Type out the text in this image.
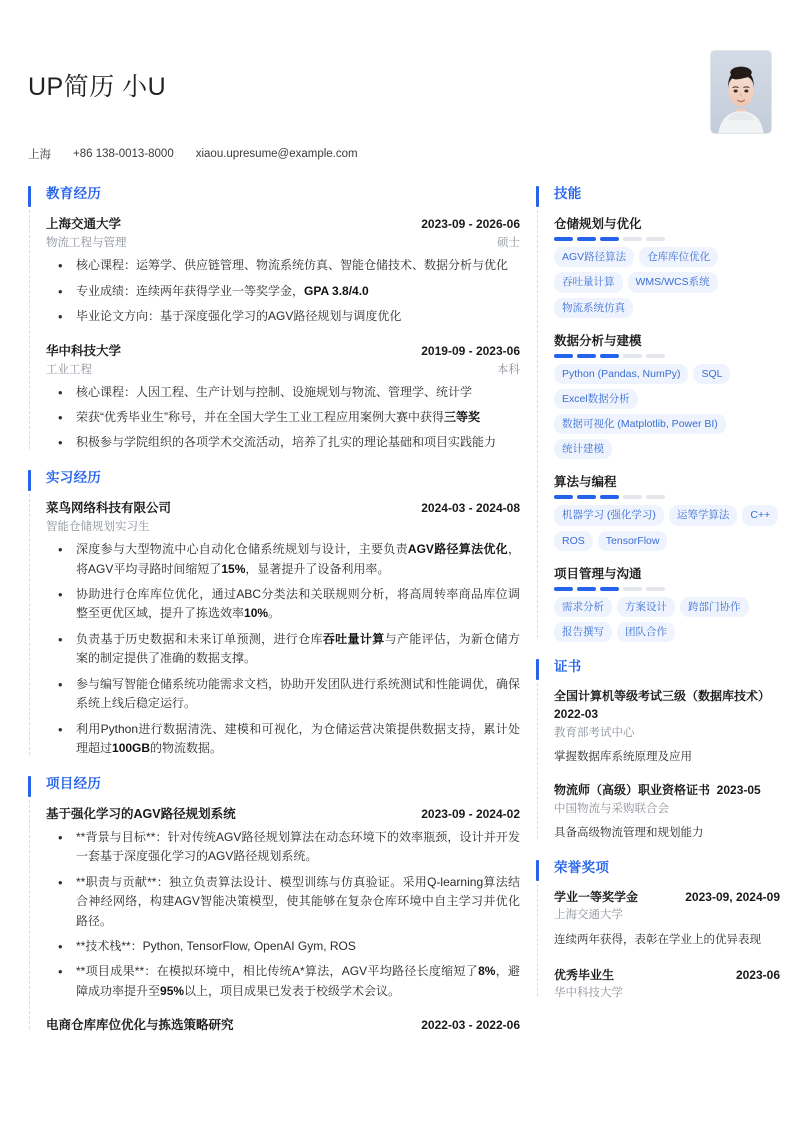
UP简历 小U
上海 +86 138-0013-8000 xiaou.upresume@example.com
教育经历
上海交通大学	2023-09 - 2026-06
物流工程与管理	硕士
• 核心课程：运筹学、供应链管理、物流系统仿真、智能仓储技术、数据分析与优化
• 专业成绩：连续两年获得学业一等奖学金，GPA 3.8/4.0
• 毕业论文方向：基于深度强化学习的AGV路径规划与调度优化
华中科技大学	2019-09 - 2023-06
工业工程	本科
• 核心课程：人因工程、生产计划与控制、设施规划与物流、管理学、统计学
• 荣获“优秀毕业生”称号，并在全国大学生工业工程应用案例大赛中获得三等奖
• 积极参与学院组织的各项学术交流活动，培养了扎实的理论基础和项目实践能力
实习经历
菜鸟网络科技有限公司	2024-03 - 2024-08
智能仓储规划实习生
• 深度参与大型物流中心自动化仓储系统规划与设计，主要负责AGV路径算法优化，将AGV平均寻路时间缩短了15%，显著提升了设备利用率。
• 协助进行仓库库位优化，通过ABC分类法和关联规则分析，将高周转率商品库位调整至更优区域，提升了拣选效率10%。
• 负责基于历史数据和未来订单预测，进行仓库吞吐量计算与产能评估，为新仓储方案的制定提供了准确的数据支撑。
• 参与编写智能仓储系统功能需求文档，协助开发团队进行系统测试和性能调优，确保系统上线后稳定运行。
• 利用Python进行数据清洗、建模和可视化，为仓储运营决策提供数据支持，累计处理超过100GB的物流数据。
项目经历
基于强化学习的AGV路径规划系统	2023-09 - 2024-02
• **背景与目标**：针对传统AGV路径规划算法在动态环境下的效率瓶颈，设计并开发一套基于深度强化学习的AGV路径规划系统。
• **职责与贡献**：独立负责算法设计、模型训练与仿真验证。采用Q-learning算法结合神经网络，构建AGV智能决策模型，使其能够在复杂仓库环境中自主学习并优化路径。
• **技术栈**：Python, TensorFlow, OpenAI Gym, ROS
• **项目成果**：在模拟环境中，相比传统A*算法，AGV平均路径长度缩短了8%，避障成功率提升至95%以上，项目成果已发表于校级学术会议。
电商仓库库位优化与拣选策略研究	2022-03 - 2022-06
技能
仓储规划与优化
AGV路径算法	仓库库位优化
吞吐量计算	WMS/WCS系统
物流系统仿真
数据分析与建模
Python (Pandas, NumPy)	SQL
Excel数据分析
数据可视化 (Matplotlib, Power BI)
统计建模
算法与编程
机器学习 (强化学习)	运筹学算法	C++
ROS	TensorFlow
项目管理与沟通
需求分析	方案设计	跨部门协作
报告撰写	团队合作
证书
全国计算机等级考试三级（数据库技术）  2022-03
教育部考试中心
掌握数据库系统原理及应用
物流师（高级）职业资格证书  2023-05
中国物流与采购联合会
具备高级物流管理和规划能力
荣誉奖项
学业一等奖学金	2023-09, 2024-09
上海交通大学
连续两年获得，表彰在学业上的优异表现
优秀毕业生	2023-06
华中科技大学
